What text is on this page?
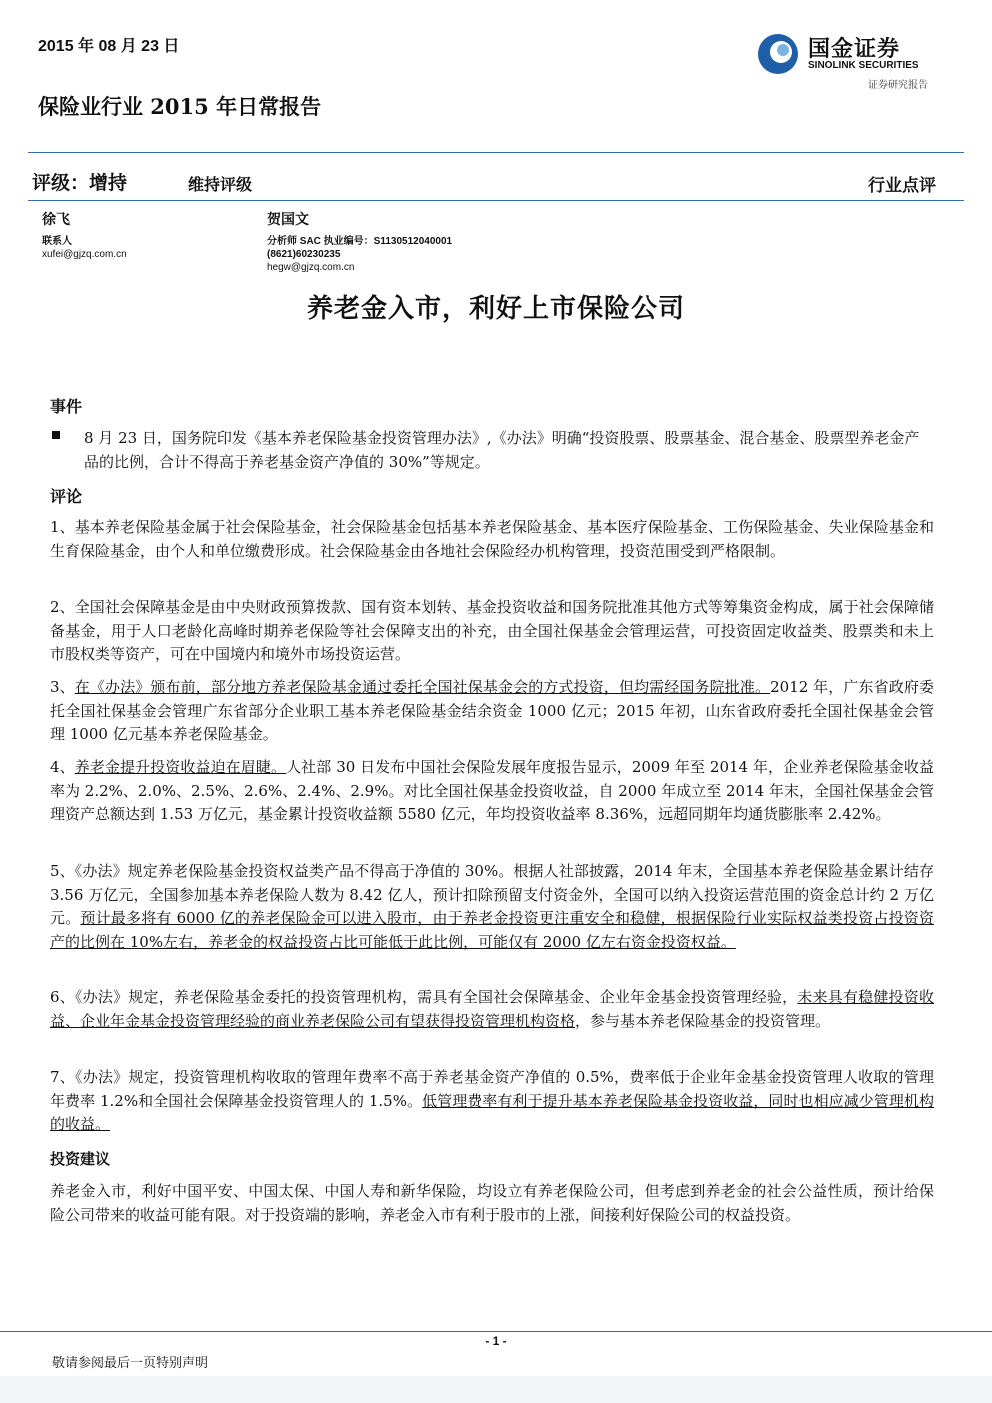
2015 年 08 月 23 日	国金证券
SINOLINK SECURITIES
证券研究报告
保险业行业 2015 年日常报告
评级：增持	维持评级	行业点评
徐飞
联系人
xufei@gjzq.com.cn
贺国文
分析师 SAC 执业编号：S1130512040001
(8621)60230235
hegw@gjzq.com.cn
养老金入市，利好上市保险公司
事件
8 月 23 日，国务院印发《基本养老保险基金投资管理办法》,《办法》明确“投资股票、股票基金、混合基金、股票型养老金产品的比例，合计不得高于养老基金资产净值的 30%”等规定。
评论
1、基本养老保险基金属于社会保险基金，社会保险基金包括基本养老保险基金、基本医疗保险基金、工伤保险基金、失业保险基金和生育保险基金，由个人和单位缴费形成。社会保险基金由各地社会保险经办机构管理，投资范围受到严格限制。
2、全国社会保障基金是由中央财政预算拨款、国有资本划转、基金投资收益和国务院批准其他方式等筹集资金构成，属于社会保障储备基金，用于人口老龄化高峰时期养老保险等社会保障支出的补充，由全国社保基金会管理运营，可投资固定收益类、股票类和未上市股权类等资产，可在中国境内和境外市场投资运营。
3、在《办法》颁布前，部分地方养老保险基金通过委托全国社保基金会的方式投资，但均需经国务院批准。2012 年，广东省政府委托全国社保基金会管理广东省部分企业职工基本养老保险基金结余资金 1000 亿元；2015 年初，山东省政府委托全国社保基金会管理 1000 亿元基本养老保险基金。
4、养老金提升投资收益迫在眉睫。人社部 30 日发布中国社会保险发展年度报告显示，2009 年至 2014 年，企业养老保险基金收益率为 2.2%、2.0%、2.5%、2.6%、2.4%、2.9%。对比全国社保基金投资收益，自 2000 年成立至 2014 年末，全国社保基金会管理资产总额达到 1.53 万亿元，基金累计投资收益额 5580 亿元，年均投资收益率 8.36%，远超同期年均通货膨胀率 2.42%。
5、《办法》规定养老保险基金投资权益类产品不得高于净值的 30%。根据人社部披露，2014 年末，全国基本养老保险基金累计结存 3.56 万亿元，全国参加基本养老保险人数为 8.42 亿人，预计扣除预留支付资金外，全国可以纳入投资运营范围的资金总计约 2 万亿元。预计最多将有 6000 亿的养老保险金可以进入股市，由于养老金投资更注重安全和稳健，根据保险行业实际权益类投资占投资资产的比例在 10%左右，养老金的权益投资占比可能低于此比例，可能仅有 2000 亿左右资金投资权益。
6、《办法》规定，养老保险基金委托的投资管理机构，需具有全国社会保障基金、企业年金基金投资管理经验，未来具有稳健投资收益、企业年金基金投资管理经验的商业养老保险公司有望获得投资管理机构资格，参与基本养老保险基金的投资管理。
7、《办法》规定，投资管理机构收取的管理年费率不高于养老基金资产净值的 0.5%，费率低于企业年金基金投资管理人收取的管理年费率 1.2%和全国社会保障基金投资管理人的 1.5%。低管理费率有利于提升基本养老保险基金投资收益，同时也相应减少管理机构的收益。
投资建议
养老金入市，利好中国平安、中国太保、中国人寿和新华保险，均设立有养老保险公司，但考虑到养老金的社会公益性质，预计给保险公司带来的收益可能有限。对于投资端的影响，养老金入市有利于股市的上涨，间接利好保险公司的权益投资。
- 1 -
敬请参阅最后一页特别声明
